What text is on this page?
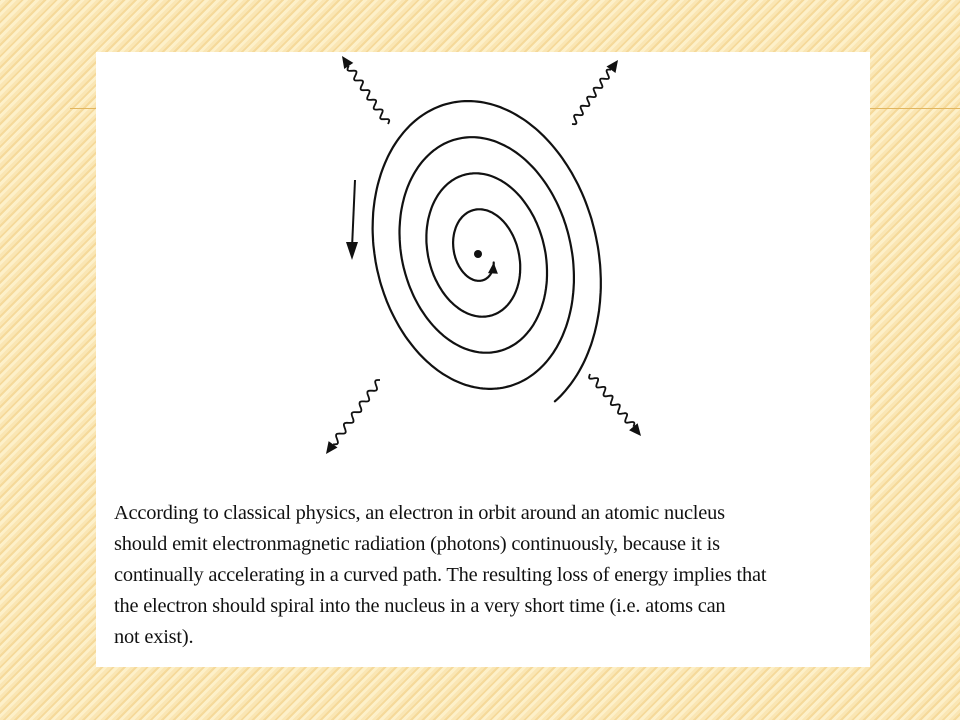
According to classical physics, an electron in orbit around an atomic nucleus
should emit electronmagnetic radiation (photons) continuously, because it is
continually accelerating in a curved path. The resulting loss of energy implies that
the electron should spiral into the nucleus in a very short time (i.e. atoms can
not exist).
